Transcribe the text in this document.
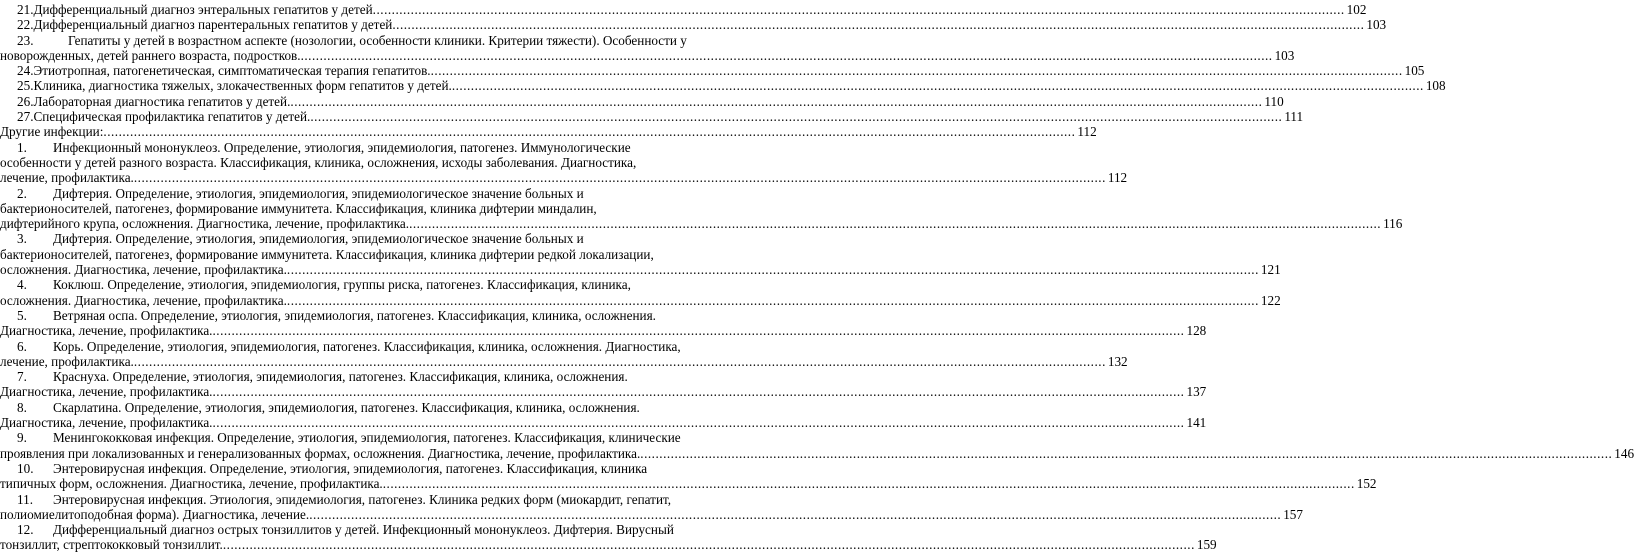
21. Дифференциальный диагноз энтеральных гепатитов у детей .....	102
22. Дифференциальный диагноз парентеральных гепатитов у детей .....	103
23.	Гепатиты у детей в возрастном аспекте (нозологии, особенности клиники. Критерии тяжести). Особенности у
новорожденных, детей раннего возраста, подростков. .....	103
24. Этиотропная, патогенетическая, симптоматическая терапия гепатитов. .....	105
25. Клиника, диагностика тяжелых, злокачественных форм гепатитов у детей. .....	108
26. Лабораторная диагностика гепатитов у детей. .....	110
27. Специфическая профилактика гепатитов у детей. .....	111
Другие инфекции: .....	112
1. Инфекционный мононуклеоз. Определение, этиология, эпидемиология, патогенез. Иммунологические
особенности у детей разного возраста. Классификация, клиника, осложнения, исходы заболевания. Диагностика,
лечение, профилактика. .....	112
2. Дифтерия. Определение, этиология, эпидемиология, эпидемиологическое значение больных и
бактерионосителей, патогенез, формирование иммунитета. Классификация, клиника дифтерии миндалин,
дифтерийного крупа, осложнения. Диагностика, лечение, профилактика. .....	116
3. Дифтерия. Определение, этиология, эпидемиология, эпидемиологическое значение больных и
бактерионосителей, патогенез, формирование иммунитета. Классификация, клиника дифтерии редкой локализации,
осложнения. Диагностика, лечение, профилактика. .....	121
4. Коклюш. Определение, этиология, эпидемиология, группы риска, патогенез. Классификация, клиника,
осложнения. Диагностика, лечение, профилактика. .....	122
5. Ветряная оспа. Определение, этиология, эпидемиология, патогенез. Классификация, клиника, осложнения.
Диагностика, лечение, профилактика. .....	128
6. Корь. Определение, этиология, эпидемиология, патогенез. Классификация, клиника, осложнения. Диагностика,
лечение, профилактика. .....	132
7. Краснуха. Определение, этиология, эпидемиология, патогенез. Классификация, клиника, осложнения.
Диагностика, лечение, профилактика. .....	137
8. Скарлатина. Определение, этиология, эпидемиология, патогенез. Классификация, клиника, осложнения.
Диагностика, лечение, профилактика. .....	141
9. Менингококковая инфекция. Определение, этиология, эпидемиология, патогенез. Классификация, клинические
проявления при локализованных и генерализованных формах, осложнения. Диагностика, лечение, профилактика. .....	146
10. Энтеровирусная инфекция. Определение, этиология, эпидемиология, патогенез. Классификация, клиника
типичных форм, осложнения. Диагностика, лечение, профилактика. .....	152
11. Энтеровирусная инфекция. Этиология, эпидемиология, патогенез. Клиника редких форм (миокардит, гепатит,
полиомиелитоподобная форма). Диагностика, лечение. .....	157
12. Дифференциальный диагноз острых тонзиллитов у детей. Инфекционный мононуклеоз. Дифтерия. Вирусный
тонзиллит, стрептококковый тонзиллит. .....	159
